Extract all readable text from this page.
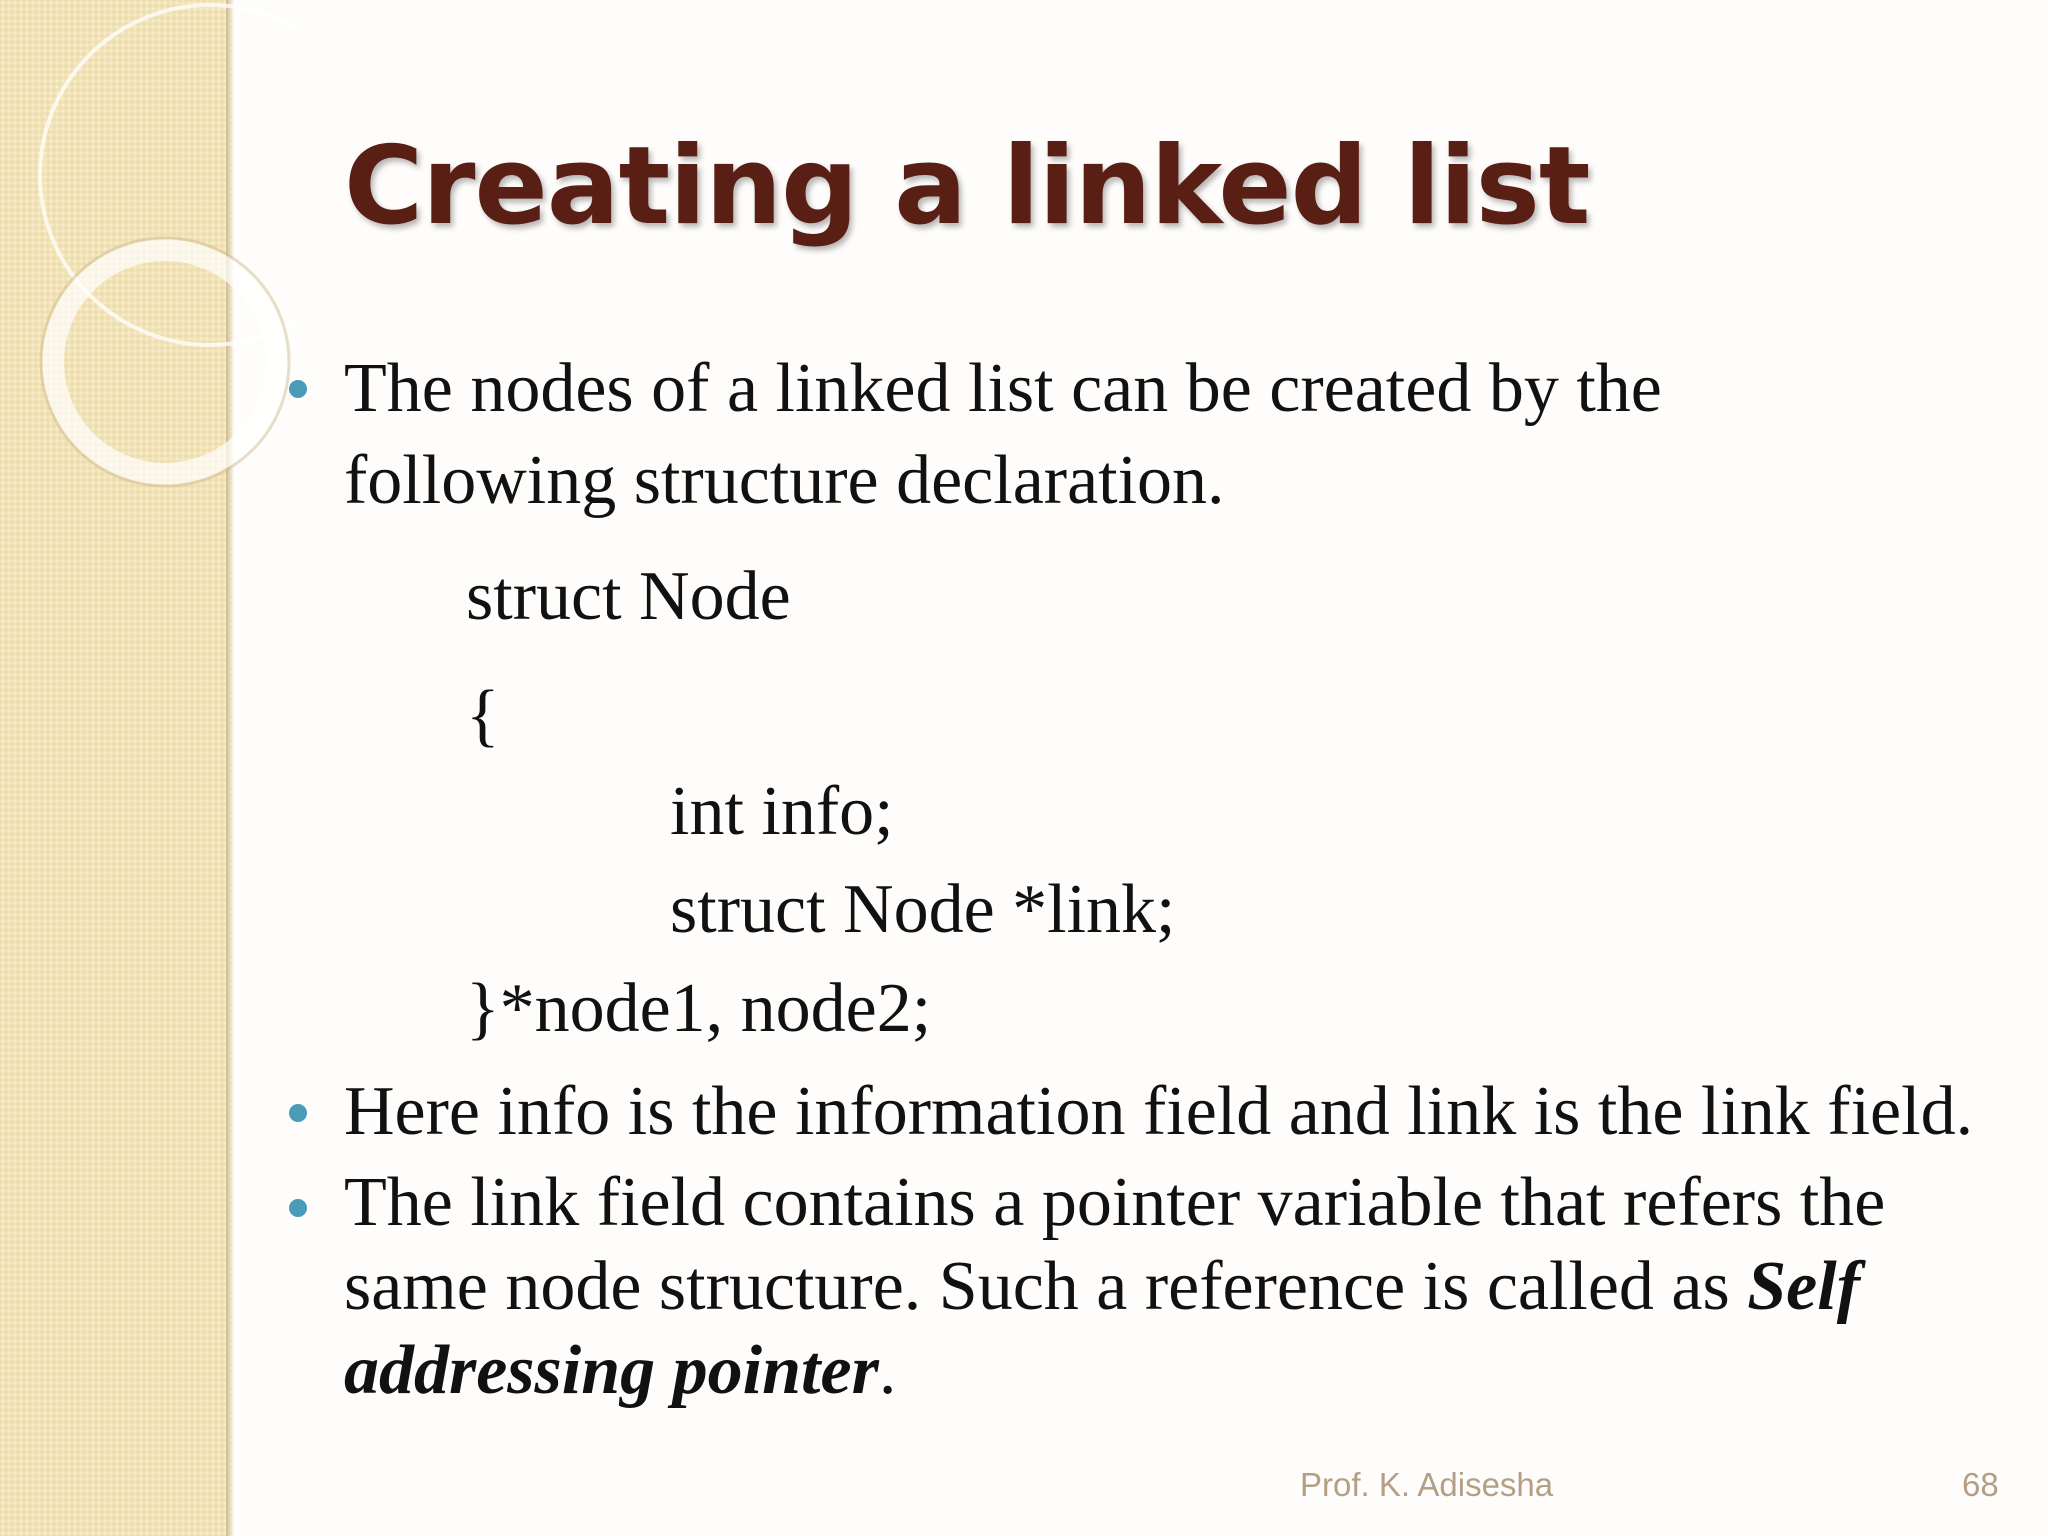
Creating a linked list

The nodes of a linked list can be created by the following structure declaration.

struct Node

{

int info;

struct Node *link;

}*node1, node2;

Here info is the information field and link is the link field.

The link field contains a pointer variable that refers the same node structure. Such a reference is called as Self addressing pointer.

Prof. K. Adisesha	68
